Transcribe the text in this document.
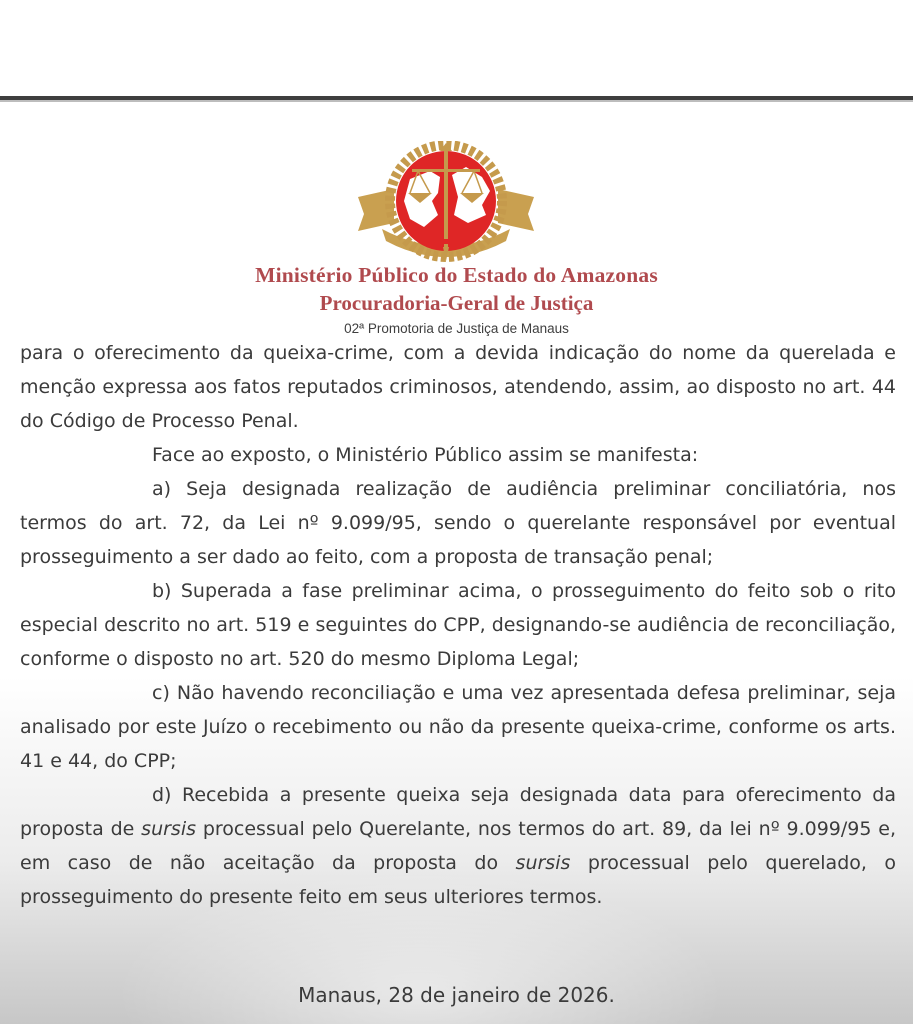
Ministério Público do Estado do Amazonas
Procuradoria-Geral de Justiça
02ª Promotoria de Justiça de Manaus

para o oferecimento da queixa-crime, com a devida indicação do nome da querelada e menção expressa aos fatos reputados criminosos, atendendo, assim, ao disposto no art. 44 do Código de Processo Penal.

Face ao exposto, o Ministério Público assim se manifesta:

a) Seja designada realização de audiência preliminar conciliatória, nos termos do art. 72, da Lei nº 9.099/95, sendo o querelante responsável por eventual prosseguimento a ser dado ao feito, com a proposta de transação penal;

b) Superada a fase preliminar acima, o prosseguimento do feito sob o rito especial descrito no art. 519 e seguintes do CPP, designando-se audiência de reconciliação, conforme o disposto no art. 520 do mesmo Diploma Legal;

c) Não havendo reconciliação e uma vez apresentada defesa preliminar, seja analisado por este Juízo o recebimento ou não da presente queixa-crime, conforme os arts. 41 e 44, do CPP;

d) Recebida a presente queixa seja designada data para oferecimento da proposta de sursis processual pelo Querelante, nos termos do art. 89, da lei nº 9.099/95 e, em caso de não aceitação da proposta do sursis processual pelo querelado, o prosseguimento do presente feito em seus ulteriores termos.

Manaus, 28 de janeiro de 2026.
